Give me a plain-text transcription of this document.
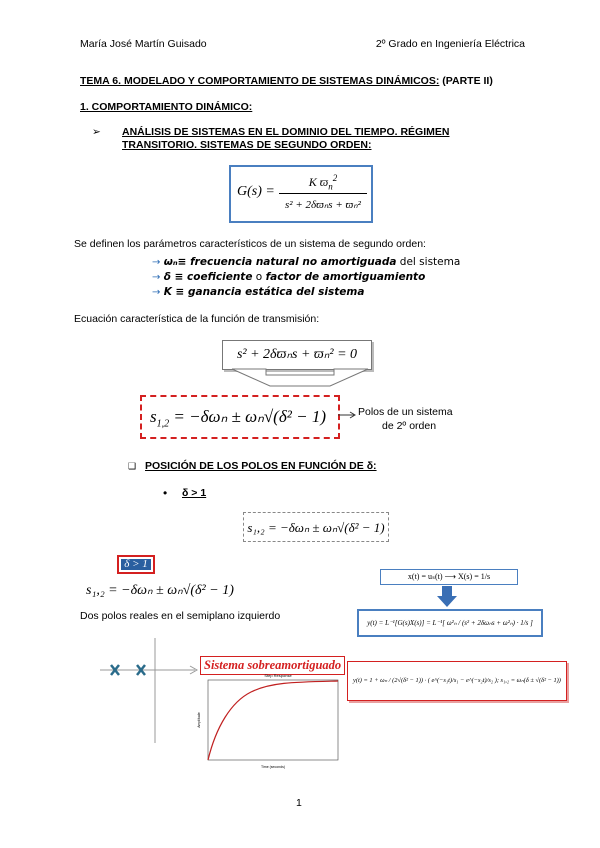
María José Martín Guisado	2º Grado en Ingeniería Eléctrica
TEMA 6. MODELADO Y COMPORTAMIENTO DE SISTEMAS DINÁMICOS: (PARTE II)
1. COMPORTAMIENTO DINÁMICO:
➢ ANÁLISIS DE SISTEMAS EN EL DOMINIO DEL TIEMPO. RÉGIMEN
TRANSITORIO. SISTEMAS DE SEGUNDO ORDEN:
G(s) =
K $ϖ_n^2$
s² + 2δϖₙs + ϖₙ²
Se definen los parámetros característicos de un sistema de segundo orden:
→ ωₙ≡ frecuencia natural no amortiguada del sistema
→ δ ≡ coeficiente o factor de amortiguamiento
→ K ≡ ganancia estática del sistema
Ecuación característica de la función de transmisión:
s² + 2δϖₙs + ϖₙ² = 0
$s_{1,2} = -\delta\omega_n \pm \omega_n√(\delta^2 - 1)$	Polos de un sistema
de 2º orden
❑ POSICIÓN DE LOS POLOS EN FUNCIÓN DE δ:
• δ > 1
s₁,₂ = −δωₙ ± ωₙ√(δ² − 1)
δ > 1
s₁,₂ = −δωₙ ± ωₙ√(δ² − 1)
Dos polos reales en el semiplano izquierdo
x(t) = uₛ(t) ⟶ X(s) = 1/s
y(t) = L⁻¹[G(s)X(s)] = L⁻¹[ ω²ₙ / (s² + 2δωₙs + ω²ₙ) · 1/s ]
Sistema sobreamortiguado
Step Response
Amplitude
Time (seconds)
y(t) = 1 + ωₙ / (2√(δ² − 1)) · ( e^(−s₁t)/s₁ − e^(−s₂t)/s₂ ); s₁,₂ = ωₙ(δ ± √(δ² − 1))
1
